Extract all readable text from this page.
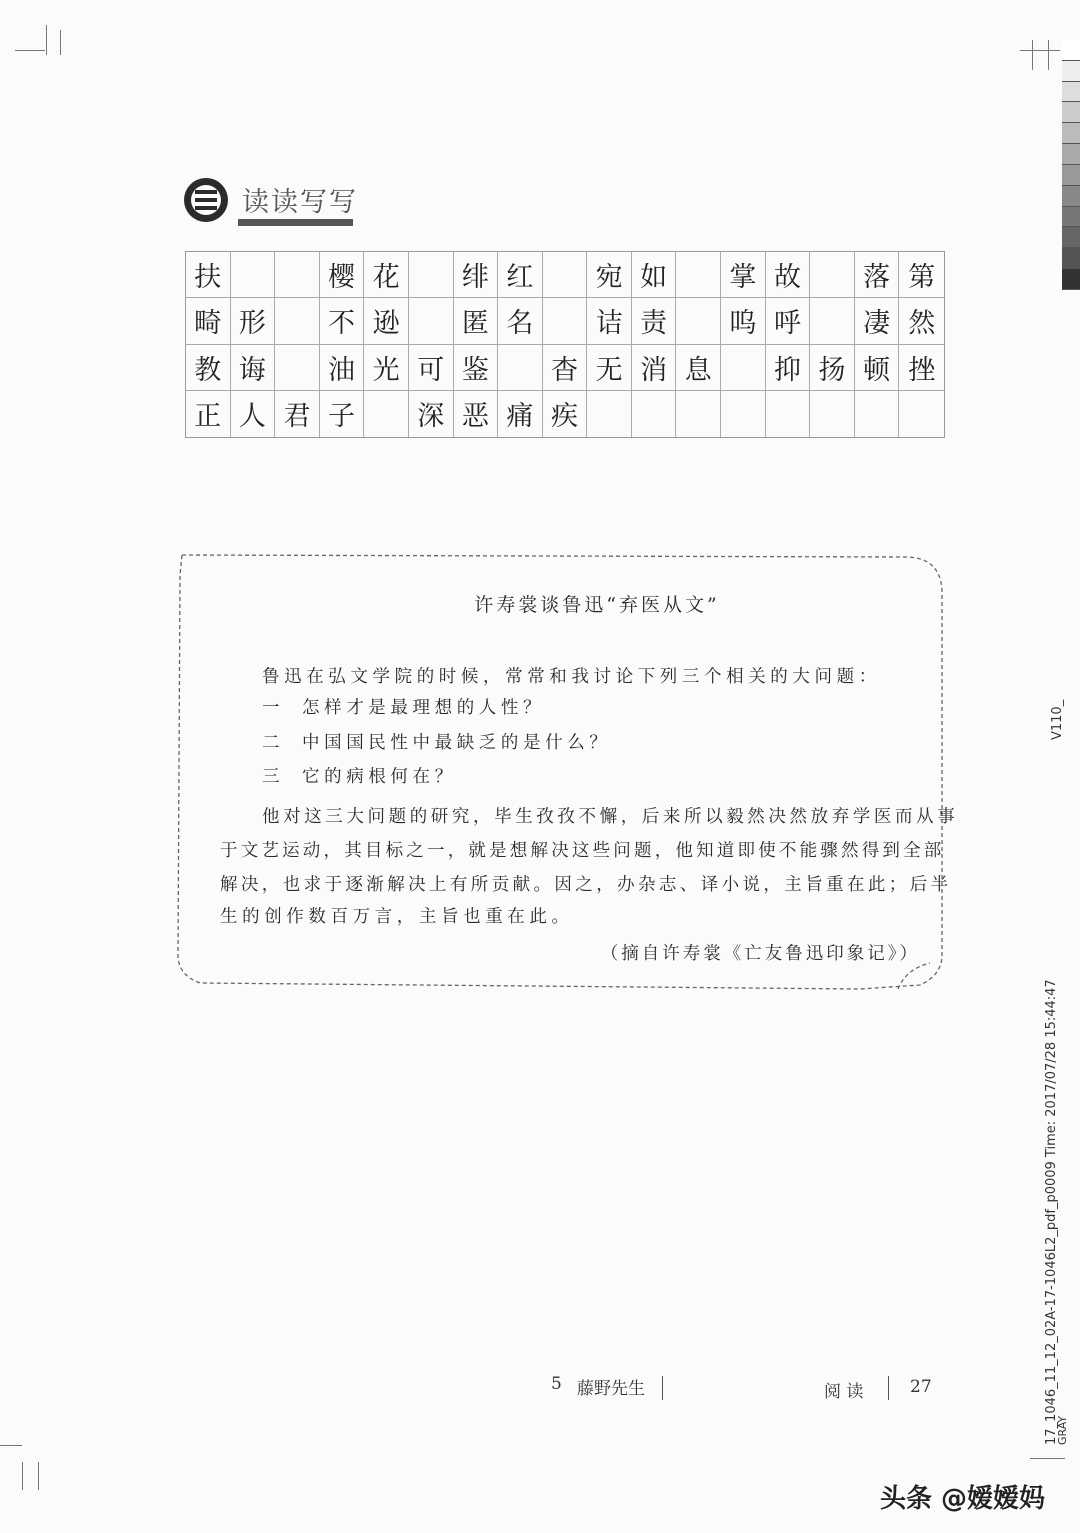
读读写写
扶	樱 花	绯 红	宛 如	掌 故	落 第
畸 形	不 逊	匿 名	诘 责	呜 呼	凄 然
教 诲	油 光 可 鉴	杳 无 消 息	抑 扬 顿 挫
正 人 君 子	深 恶 痛 疾
许寿裳谈鲁迅“弃医从文”
鲁迅在弘文学院的时候，常常和我讨论下列三个相关的大问题：
一 怎样才是最理想的人性？
二 中国国民性中最缺乏的是什么？
三 它的病根何在？
他对这三大问题的研究，毕生孜孜不懈，后来所以毅然决然放弃学医而从事
于文艺运动，其目标之一，就是想解决这些问题，他知道即使不能骤然得到全部
解决，也求于逐渐解决上有所贡献。因之，办杂志、译小说，主旨重在此；后半
生的创作数百万言，主旨也重在此。
（摘自许寿裳《亡友鲁迅印象记》）
5 藤野先生	阅 读	27
V110_
17_1046_11_12_02A-17-1046L2_pdf_p0009 Time: 2017/07/28 15:44:47
GRAY
头条 @嫒嫒妈
